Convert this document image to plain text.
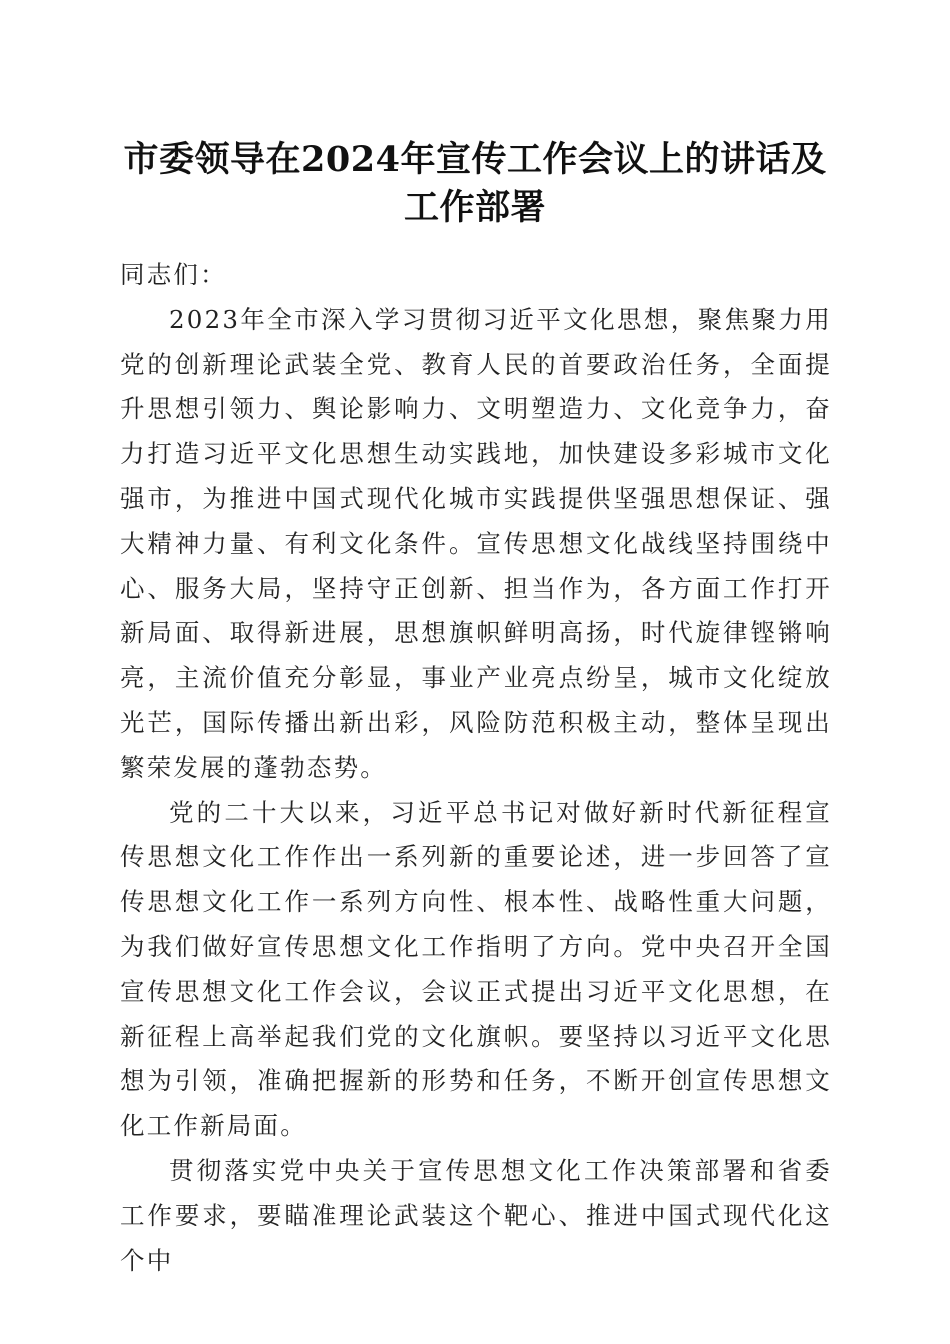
市委领导在2024年宣传工作会议上的讲话及
工作部署

同志们：

2023年全市深入学习贯彻习近平文化思想，聚焦聚力用党的创新理论武装全党、教育人民的首要政治任务，全面提升思想引领力、舆论影响力、文明塑造力、文化竞争力，奋力打造习近平文化思想生动实践地，加快建设多彩城市文化强市，为推进中国式现代化城市实践提供坚强思想保证、强大精神力量、有利文化条件。宣传思想文化战线坚持围绕中心、服务大局，坚持守正创新、担当作为，各方面工作打开新局面、取得新进展，思想旗帜鲜明高扬，时代旋律铿锵响亮，主流价值充分彰显，事业产业亮点纷呈，城市文化绽放光芒，国际传播出新出彩，风险防范积极主动，整体呈现出繁荣发展的蓬勃态势。

党的二十大以来，习近平总书记对做好新时代新征程宣传思想文化工作作出一系列新的重要论述，进一步回答了宣传思想文化工作一系列方向性、根本性、战略性重大问题，为我们做好宣传思想文化工作指明了方向。党中央召开全国宣传思想文化工作会议，会议正式提出习近平文化思想，在新征程上高举起我们党的文化旗帜。要坚持以习近平文化思想为引领，准确把握新的形势和任务，不断开创宣传思想文化工作新局面。

贯彻落实党中央关于宣传思想文化工作决策部署和省委工作要求，要瞄准理论武装这个靶心、推进中国式现代化这个中
